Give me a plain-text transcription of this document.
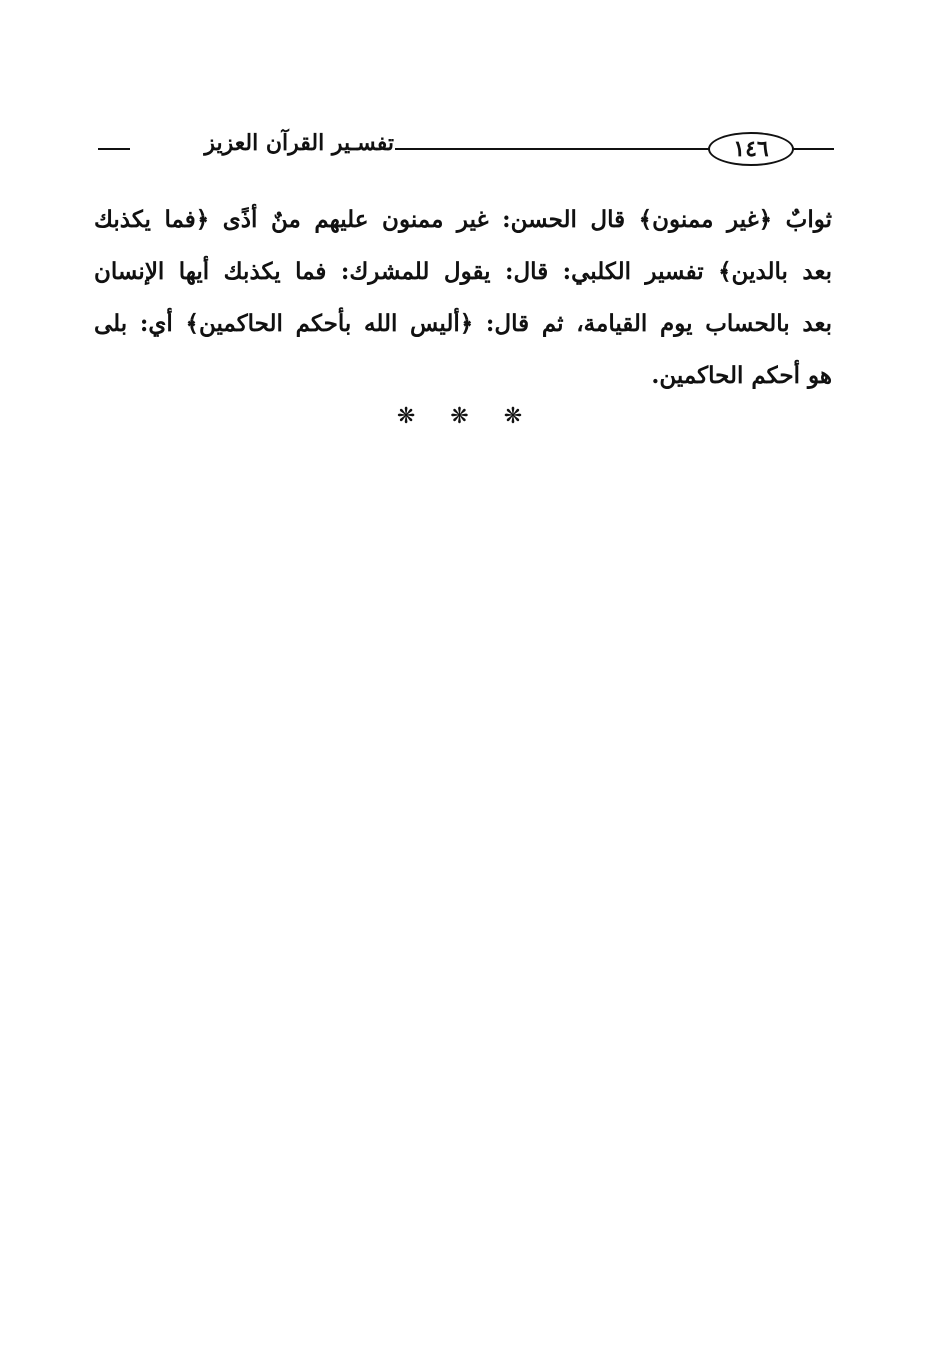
تفسـير القرآن العزيز	١٤٦
ثوابٌ ﴿غير ممنون﴾ قال الحسن: غير ممنون عليهم منٌ أذًى ﴿فما يكذبك
بعد بالدين﴾ تفسير الكلبي: قال: يقول للمشرك: فما يكذبك أيها الإنسان
بعد بالحساب يوم القيامة، ثم قال: ﴿أليس الله بأحكم الحاكمين﴾ أي: بلى
هو أحكم الحاكمين.
❋ ❋ ❋
